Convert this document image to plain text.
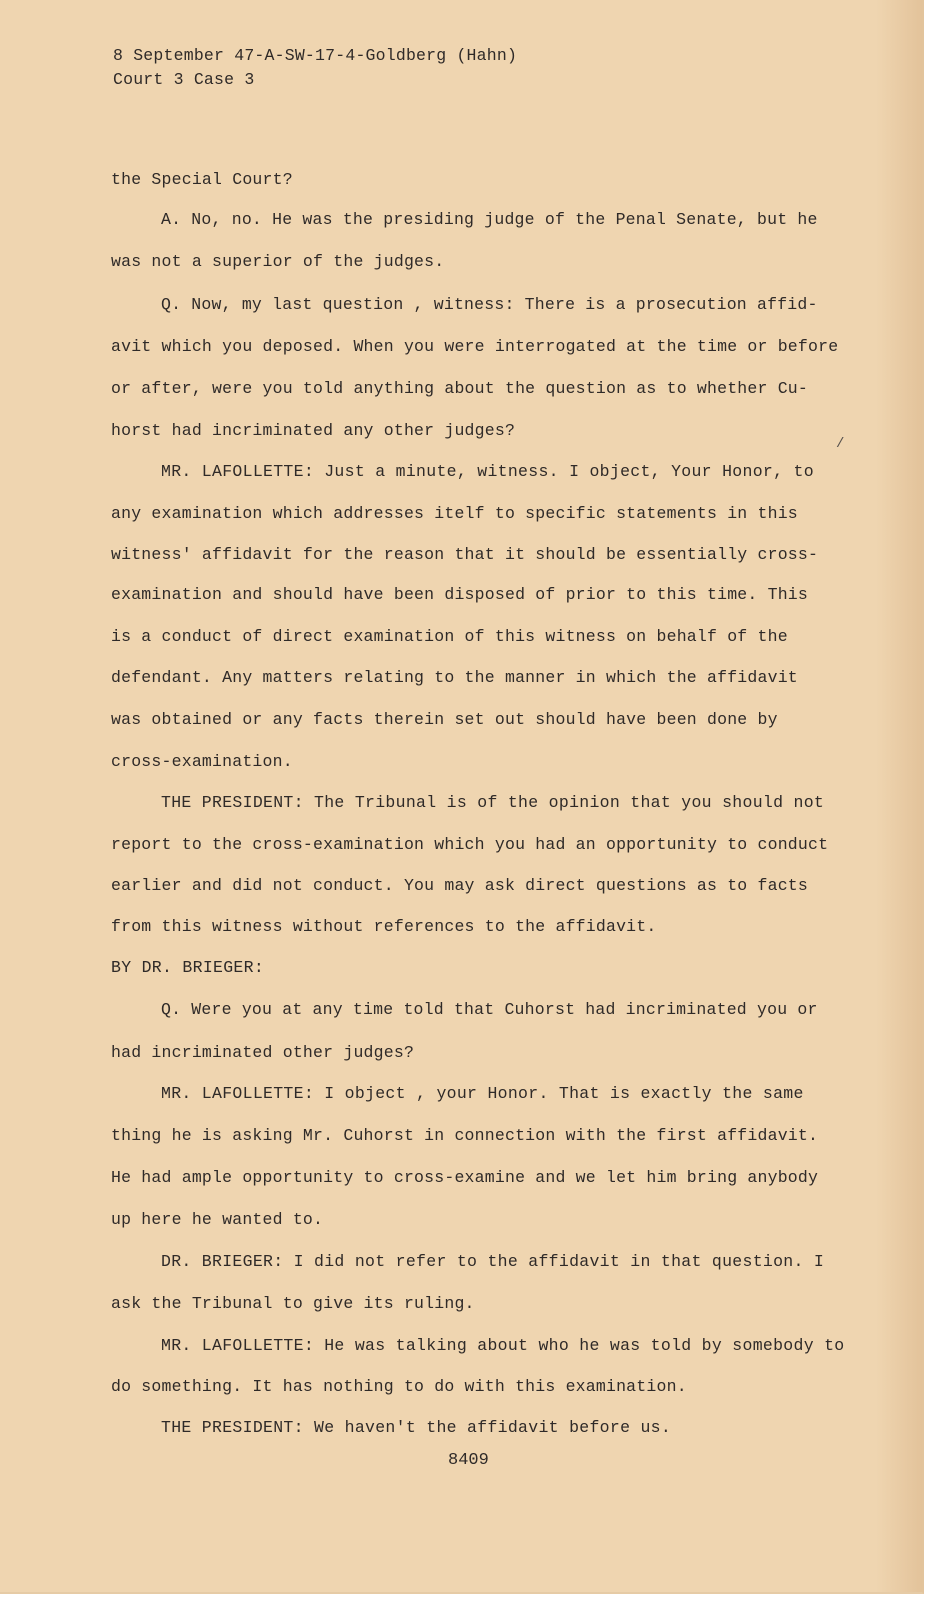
8 September 47-A-SW-17-4-Goldberg (Hahn)
Court 3 Case 3
the Special Court?
A. No, no. He was the presiding judge of the Penal Senate, but he
was not a superior of the judges.
Q. Now, my last question , witness: There is a prosecution affid-
avit which you deposed. When you were interrogated at the time or before
or after, were you told anything about the question as to whether Cu-
horst had incriminated any other judges?
MR. LAFOLLETTE: Just a minute, witness. I object, Your Honor, to
any examination which addresses itelf to specific statements in this
witness' affidavit for the reason that it should be essentially cross-
examination and should have been disposed of prior to this time. This
is a conduct of direct examination of this witness on behalf of the
defendant. Any matters relating to the manner in which the affidavit
was obtained or any facts therein set out should have been done by
cross-examination.
THE PRESIDENT: The Tribunal is of the opinion that you should not
report to the cross-examination which you had an opportunity to conduct
earlier and did not conduct. You may ask direct questions as to facts
from this witness without references to the affidavit.
BY DR. BRIEGER:
Q. Were you at any time told that Cuhorst had incriminated you or
had incriminated other judges?
MR. LAFOLLETTE: I object , your Honor. That is exactly the same
thing he is asking Mr. Cuhorst in connection with the first affidavit.
He had ample opportunity to cross-examine and we let him bring anybody
up here he wanted to.
DR. BRIEGER: I did not refer to the affidavit in that question. I
ask the Tribunal to give its ruling.
MR. LAFOLLETTE: He was talking about who he was told by somebody to
do something. It has nothing to do with this examination.
THE PRESIDENT: We haven't the affidavit before us.
/
8409
